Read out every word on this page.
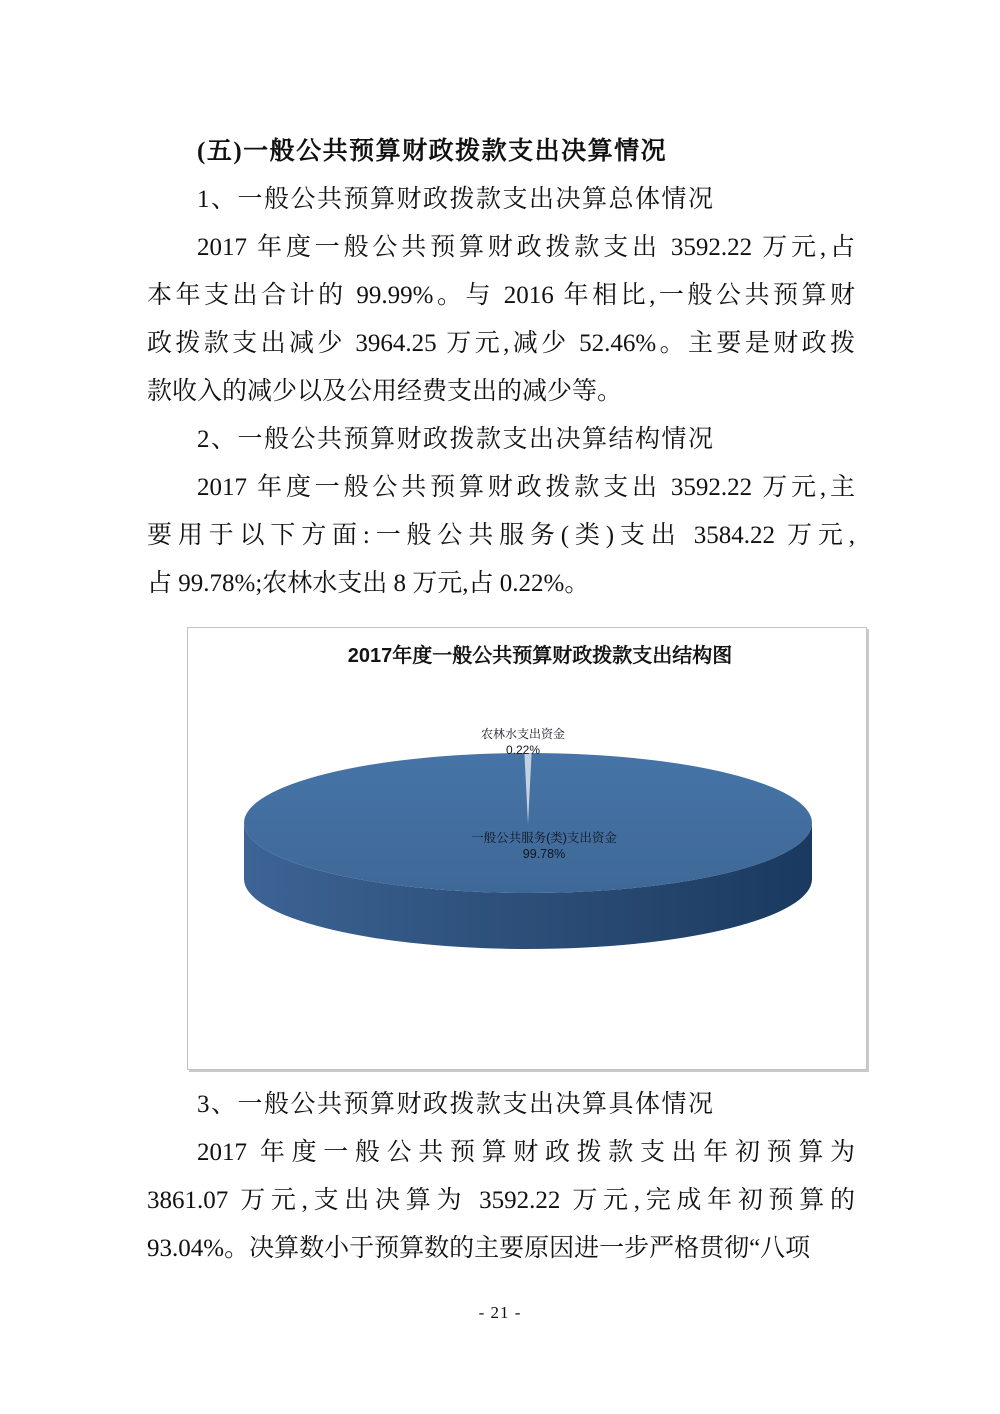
(五)一般公共预算财政拨款支出决算情况
1、一般公共预算财政拨款支出决算总体情况
2017 年度一般公共预算财政拨款支出 3592.22 万元,占
本年支出合计的 99.99%。与 2016 年相比,一般公共预算财
政拨款支出减少 3964.25 万元,减少 52.46%。主要是财政拨
款收入的减少以及公用经费支出的减少等。
2、一般公共预算财政拨款支出决算结构情况
2017 年度一般公共预算财政拨款支出 3592.22 万元,主
要用于以下方面:一般公共服务(类)支出 3584.22 万元,
占 99.78%;农林水支出 8 万元,占 0.22%。
2017年度一般公共预算财政拨款支出结构图
农林水支出资金
0.22%
一般公共服务(类)支出资金
99.78%
3、一般公共预算财政拨款支出决算具体情况
2017 年度一般公共预算财政拨款支出年初预算为
3861.07 万元,支出决算为 3592.22 万元,完成年初预算的
93.04%。决算数小于预算数的主要原因进一步严格贯彻“八项
- 21 -
